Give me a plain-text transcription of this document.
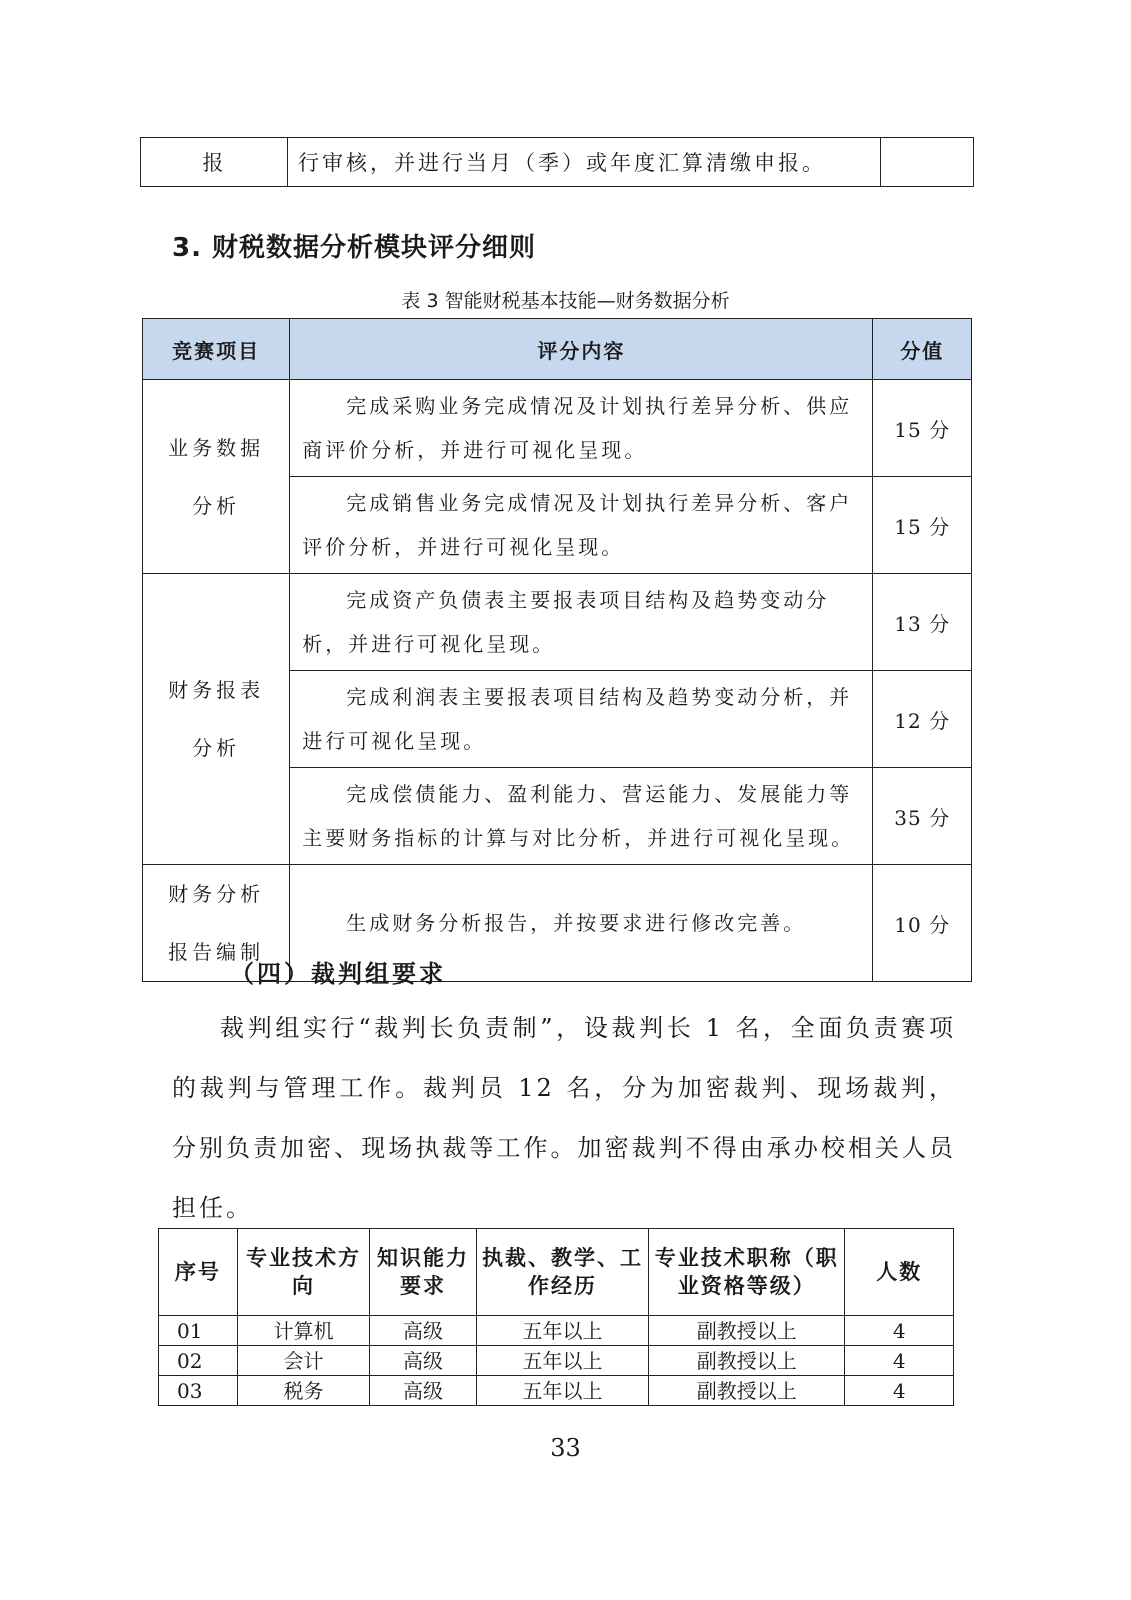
报	行审核，并进行当月（季）或年度汇算清缴申报。	
3. 财税数据分析模块评分细则
表 3 智能财税基本技能—财务数据分析
竞赛项目	评分内容	分值

业务数据
分析	完成采购业务完成情况及计划执行差异分析、供应商评价分析，并进行可视化呈现。	15 分
	完成销售业务完成情况及计划执行差异分析、客户评价分析，并进行可视化呈现。	15 分

财务报表
分析	完成资产负债表主要报表项目结构及趋势变动分析，并进行可视化呈现。	13 分
	完成利润表主要报表项目结构及趋势变动分析，并进行可视化呈现。	12 分
	完成偿债能力、盈利能力、营运能力、发展能力等主要财务指标的计算与对比分析，并进行可视化呈现。	35 分

财务分析
报告编制	生成财务分析报告，并按要求进行修改完善。	10 分
（四）裁判组要求
裁判组实行“裁判长负责制”，设裁判长 1 名，全面负责赛项的裁判与管理工作。裁判员 12 名，分为加密裁判、现场裁判，分别负责加密、现场执裁等工作。加密裁判不得由承办校相关人员担任。
序号	专业技术方向	知识能力要求	执裁、教学、工作经历	专业技术职称（职业资格等级）	人数
01	计算机	高级	五年以上	副教授以上	4
02	会计	高级	五年以上	副教授以上	4
03	税务	高级	五年以上	副教授以上	4
33
